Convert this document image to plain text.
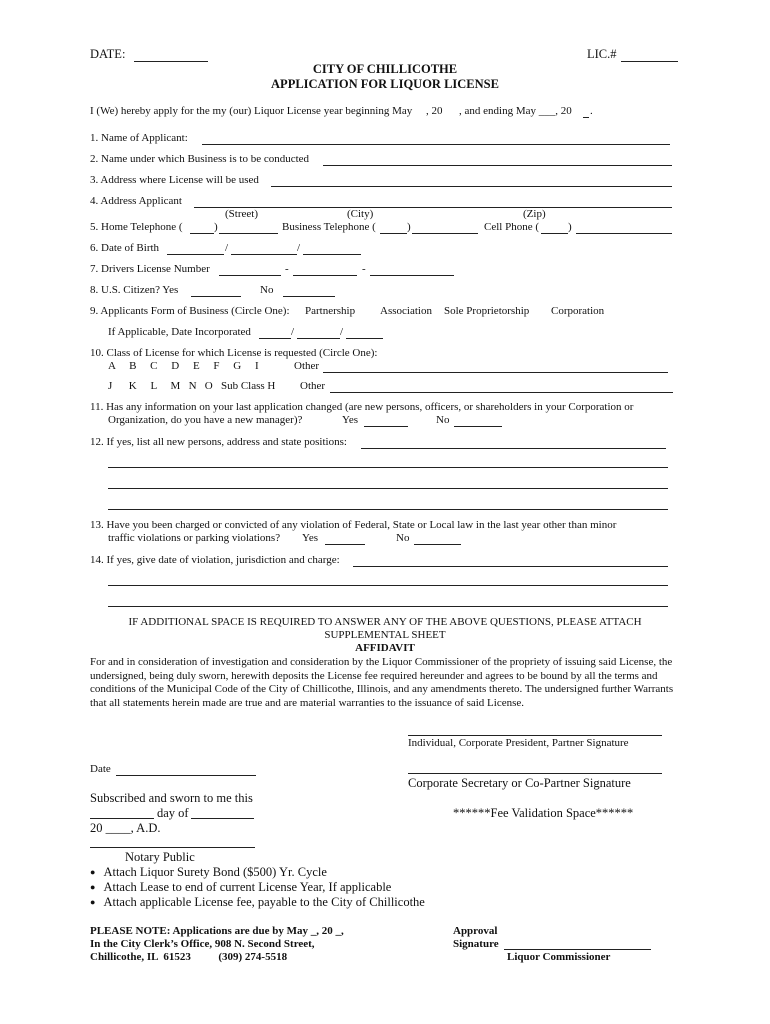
DATE:	LIC.#
CITY OF CHILLICOTHE
APPLICATION FOR LIQUOR LICENSE
I (We) hereby apply for the my (our) Liquor License year beginning May , 20 , and ending May ___, 20 .
1. Name of Applicant:
2. Name under which Business is to be conducted
3. Address where License will be used
4. Address Applicant
(Street)	(City)	(Zip)
5. Home Telephone (	)	Business Telephone (	)	Cell Phone (	)
6. Date of Birth	/	/
7. Drivers License Number	-	-
8. U.S. Citizen? Yes	No
9. Applicants Form of Business (Circle One): Partnership Association Sole Proprietorship Corporation
If Applicable, Date Incorporated	/	/
10. Class of License for which License is requested (Circle One):
A     B     C     D     E     F     G     I	Other
J      K     L     M   N   O   Sub Class H Other
11. Has any information on your last application changed (are new persons, officers, or shareholders in your Corporation or
Organization, do you have a new manager)?	Yes	No
12. If yes, list all new persons, address and state positions:
13. Have you been charged or convicted of any violation of Federal, State or Local law in the last year other than minor
traffic violations or parking violations? Yes	No
14. If yes, give date of violation, jurisdiction and charge:
IF ADDITIONAL SPACE IS REQUIRED TO ANSWER ANY OF THE ABOVE QUESTIONS, PLEASE ATTACH
SUPPLEMENTAL SHEET
AFFIDAVIT
For and in consideration of investigation and consideration by the Liquor Commissioner of the propriety of issuing said License, the undersigned, being duly sworn, herewith deposits the License fee required hereunder and agrees to be bound by all the terms and conditions of the Municipal Code of the City of Chillicothe, Illinois, and any amendments thereto. The undersigned further Warrants that all statements herein made are true and are material warranties to the issuance of said License.
Individual, Corporate President, Partner Signature
Date
Corporate Secretary or Co-Partner Signature
Subscribed and sworn to me this
day of	******Fee Validation Space******
20 ____, A.D.
Notary Public
● Attach Liquor Surety Bond ($500) Yr. Cycle
● Attach Lease to end of current License Year, If applicable
● Attach applicable License fee, payable to the City of Chillicothe
PLEASE NOTE: Applications are due by May _, 20 _,
In the City Clerk’s Office, 908 N. Second Street,
Chillicothe, IL  61523          (309) 274-5518
Approval
Signature
Liquor Commissioner
